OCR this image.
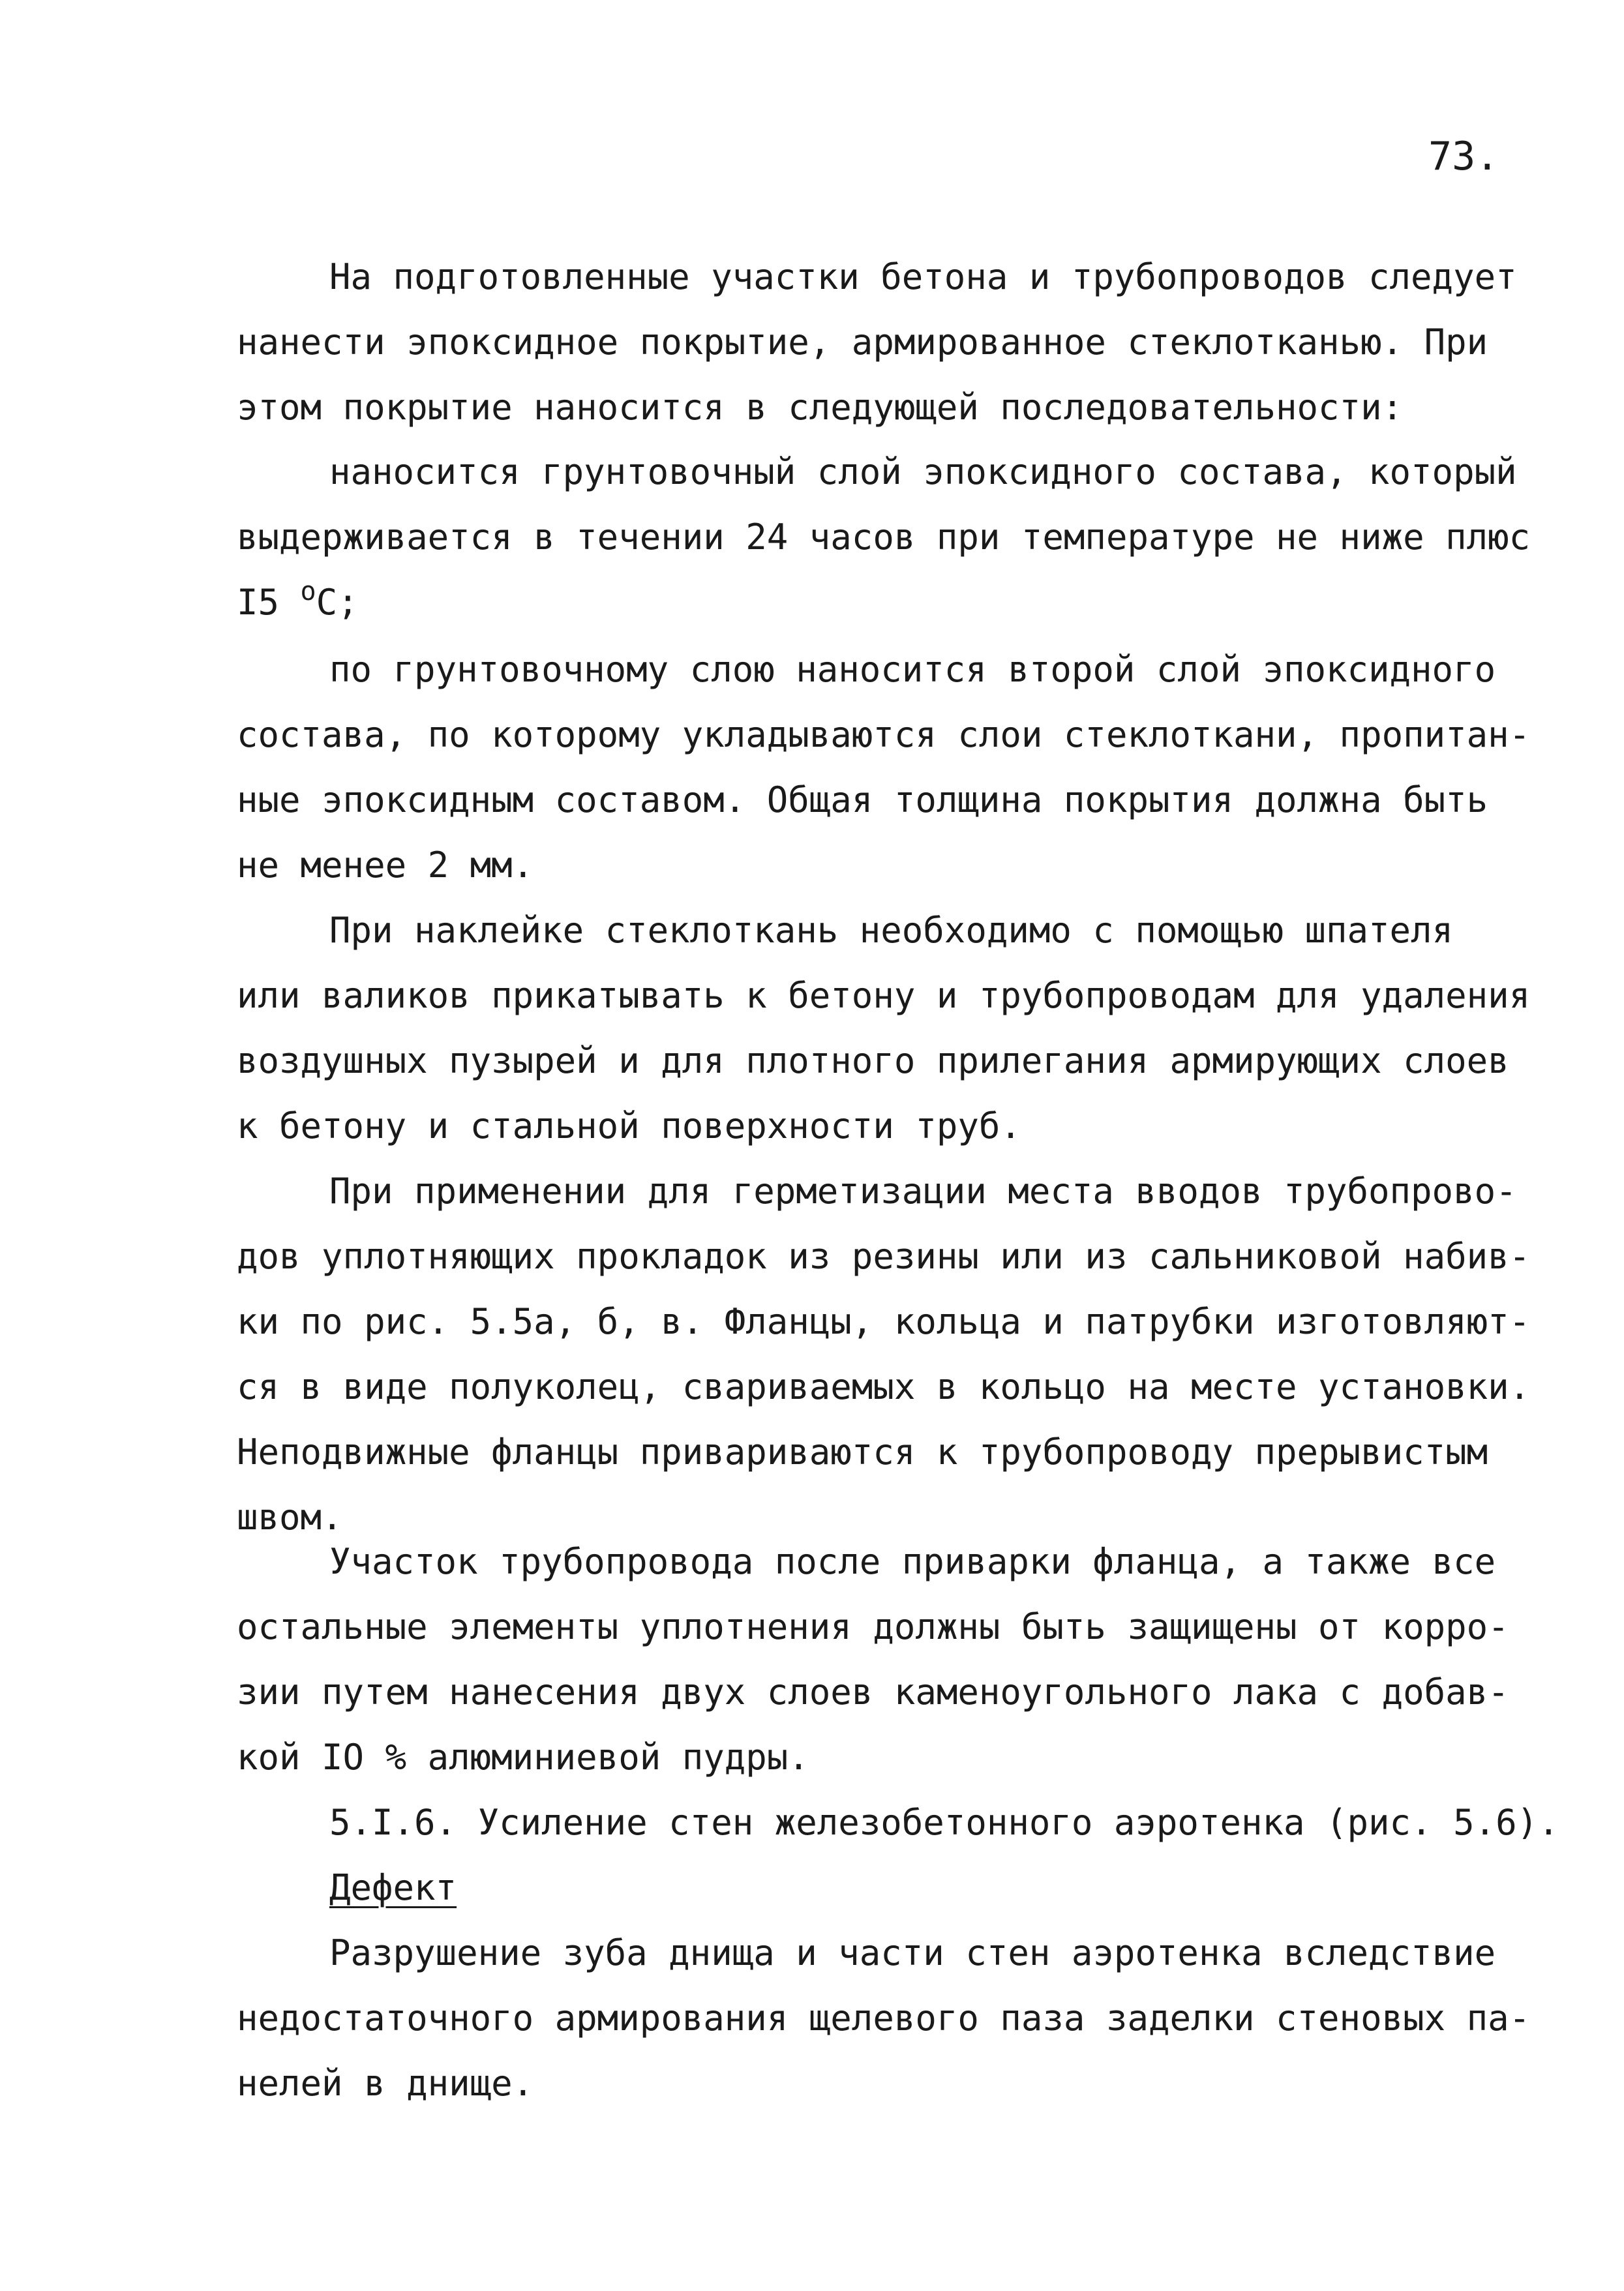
73.
На подготовленные участки бетона и трубопроводов следует
нанести эпоксидное покрытие, армированное стеклотканью. При
этом покрытие наносится в следующей последовательности:
наносится грунтовочный слой эпоксидного состава, который
выдерживается в течении 24 часов при температуре не ниже плюс
I5 $^o$C;
по грунтовочному слою наносится второй слой эпоксидного
состава, по которому укладываются слои стеклоткани, пропитан-
ные эпоксидным составом. Общая толщина покрытия должна быть
не менее 2 мм.
При наклейке стеклоткань необходимо с помощью шпателя
или валиков прикатывать к бетону и трубопроводам для удаления
воздушных пузырей и для плотного прилегания армирующих слоев
к бетону и стальной поверхности труб.
При применении для герметизации места вводов трубопрово-
дов уплотняющих прокладок из резины или из сальниковой набив-
ки по рис. 5.5а, б, в. Фланцы, кольца и патрубки изготовляют-
ся в виде полуколец, свариваемых в кольцо на месте установки.
Неподвижные фланцы привариваются к трубопроводу прерывистым
швом.
Участок трубопровода после приварки фланца, а также все
остальные элементы уплотнения должны быть защищены от корро-
зии путем нанесения двух слоев каменоугольного лака с добав-
кой IO % алюминиевой пудры.
5.I.6. Усиление стен железобетонного аэротенка (рис. 5.6).
Дефект
Разрушение зуба днища и части стен аэротенка вследствие
недостаточного армирования щелевого паза заделки стеновых па-
нелей в днище.
